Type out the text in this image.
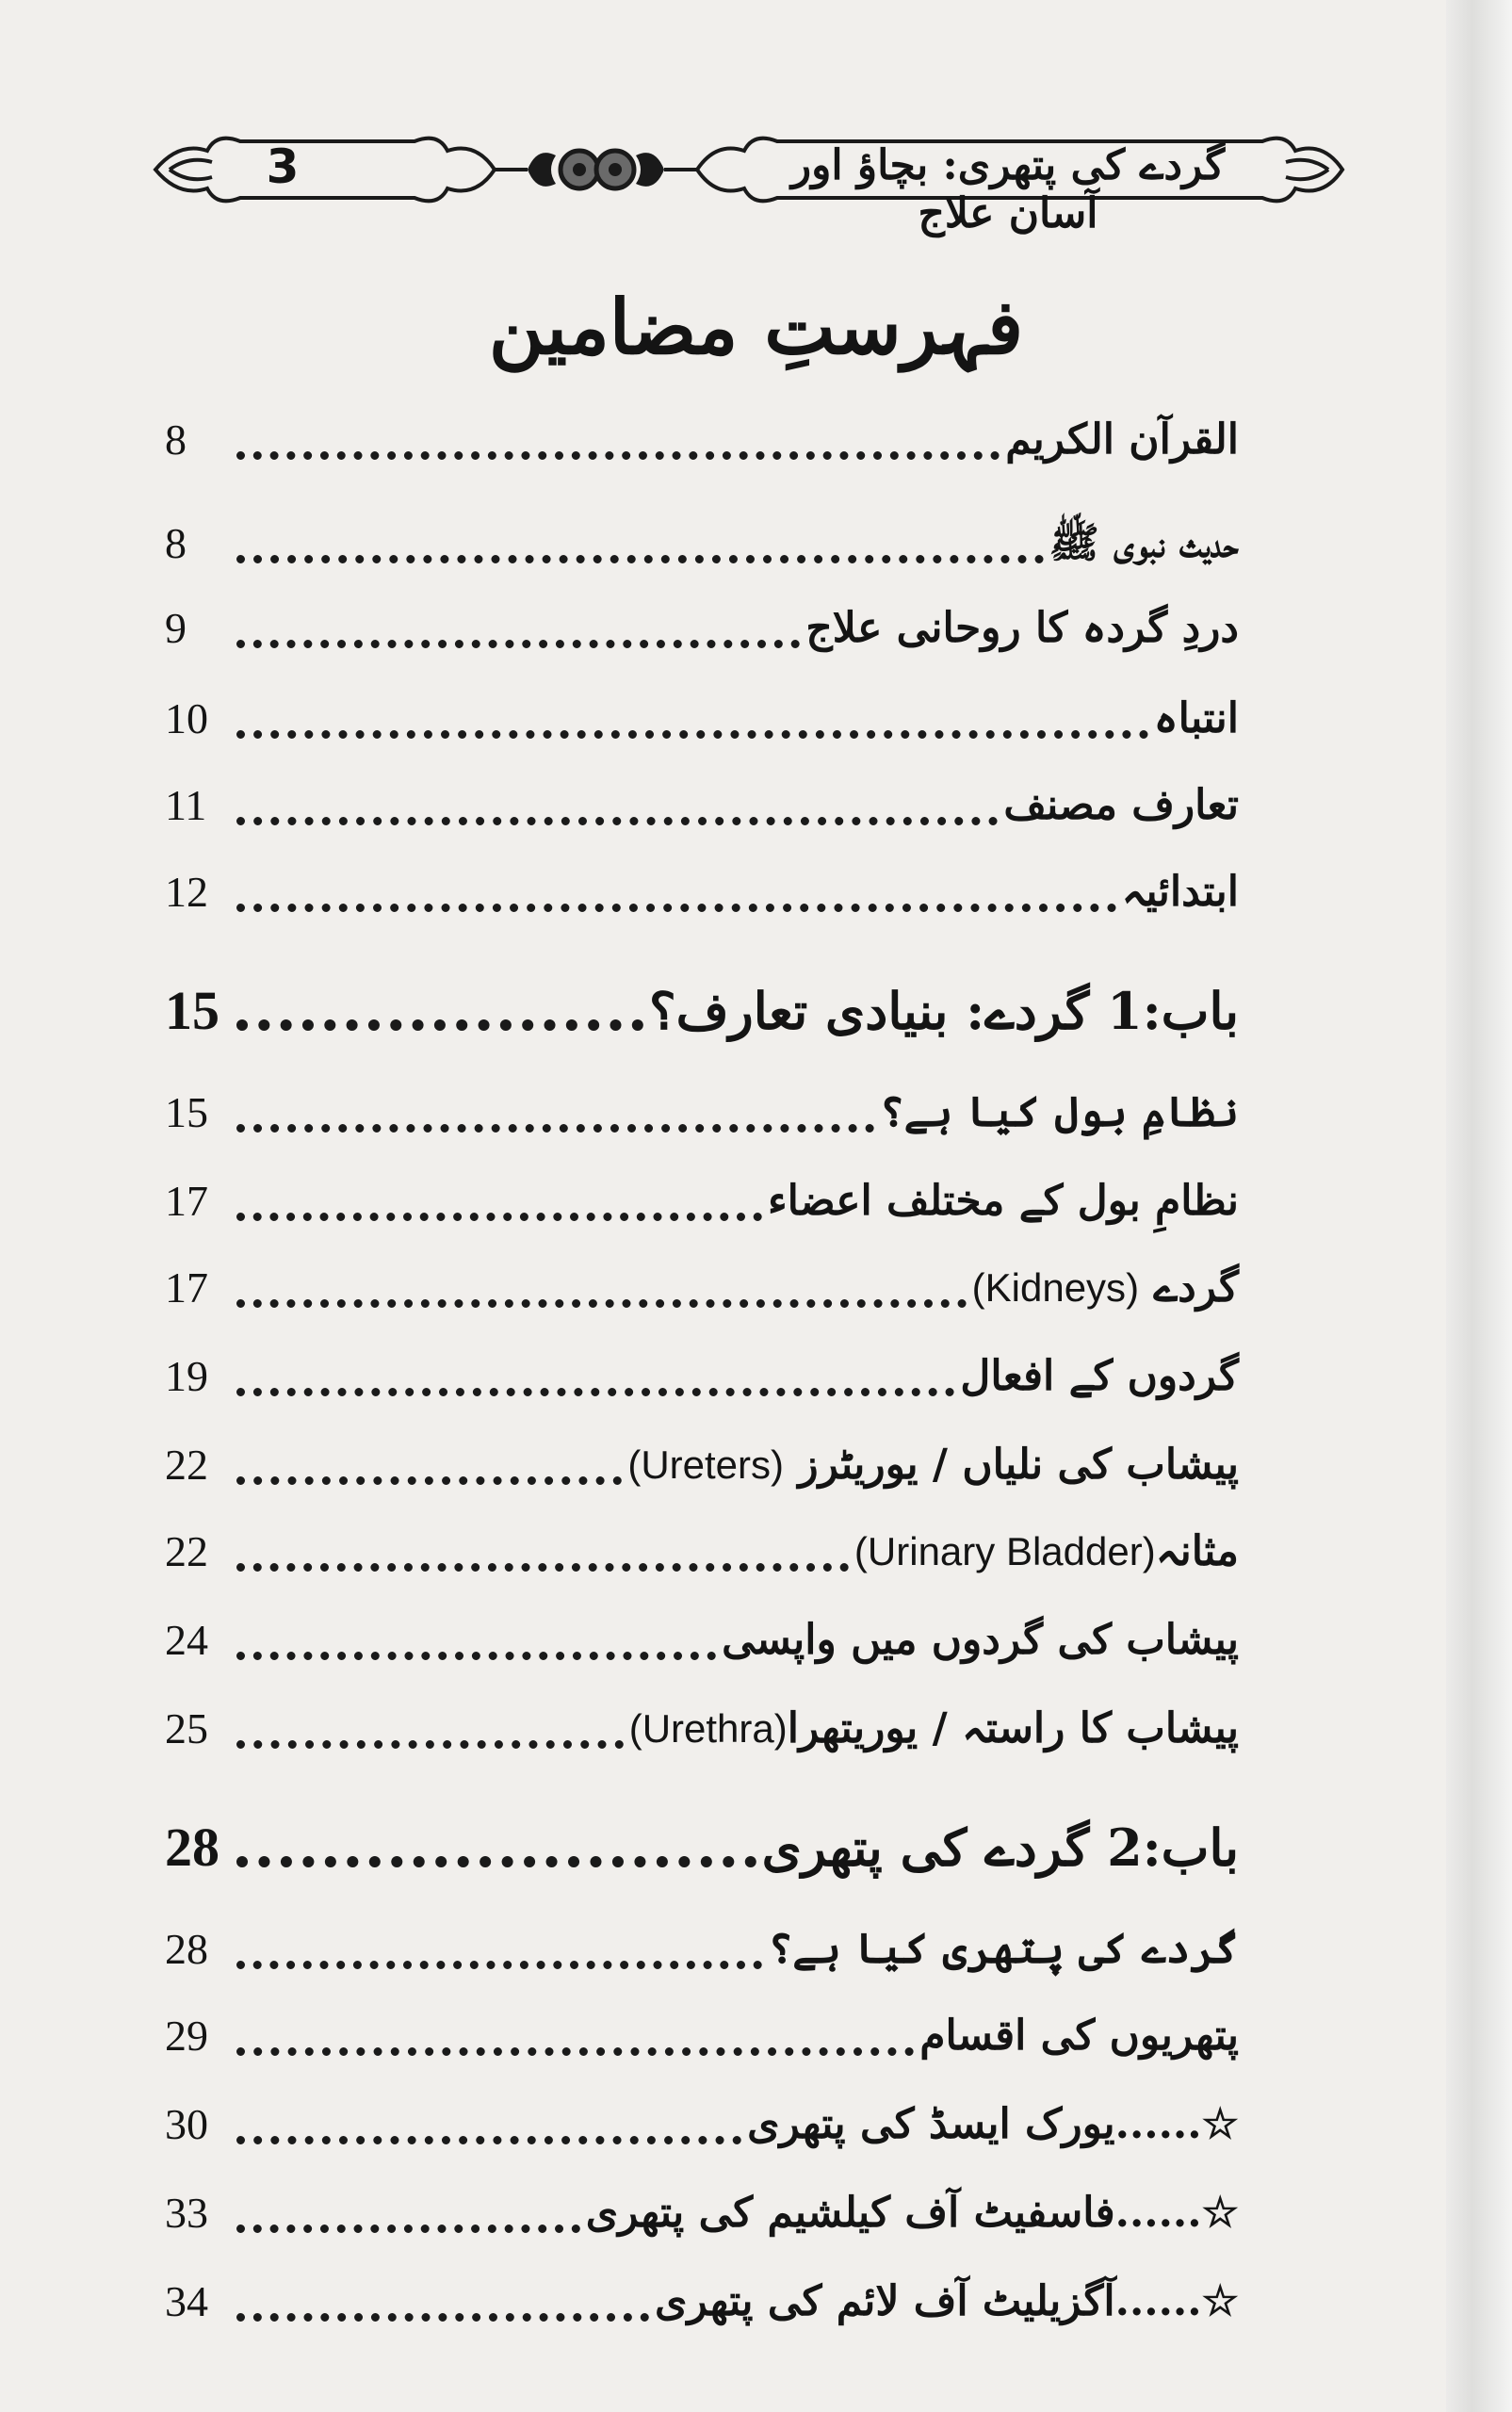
3	گردے کی پتھری: بچاؤ اور آسان علاج
فہرستِ مضامین
القرآن الکریم
8
حدیث نبوی ﷺ
8
دردِ گردہ کا روحانی علاج
9
انتباہ
10
تعارف مصنف
11
ابتدائیہ
12
باب:1 گردے: بنیادی تعارف؟
15
نظامِ بول کیا ہے؟
15
نظامِ بول کے مختلف اعضاء
17
گردے (Kidneys)
17
گردوں کے افعال
19
پیشاب کی نلیاں / یوریٹرز (Ureters)
22
مثانہ(Urinary Bladder)
22
پیشاب کی گردوں میں واپسی
24
پیشاب کا راستہ / یوریتھرا(Urethra)
25
باب:2 گردے کی پتھری
28
گردے کی پتھری کیا ہے؟
28
پتھریوں کی اقسام
29
☆......یورک ایسڈ کی پتھری
30
☆......فاسفیٹ آف کیلشیم کی پتھری
33
☆......آگزیلیٹ آف لائم کی پتھری
34
